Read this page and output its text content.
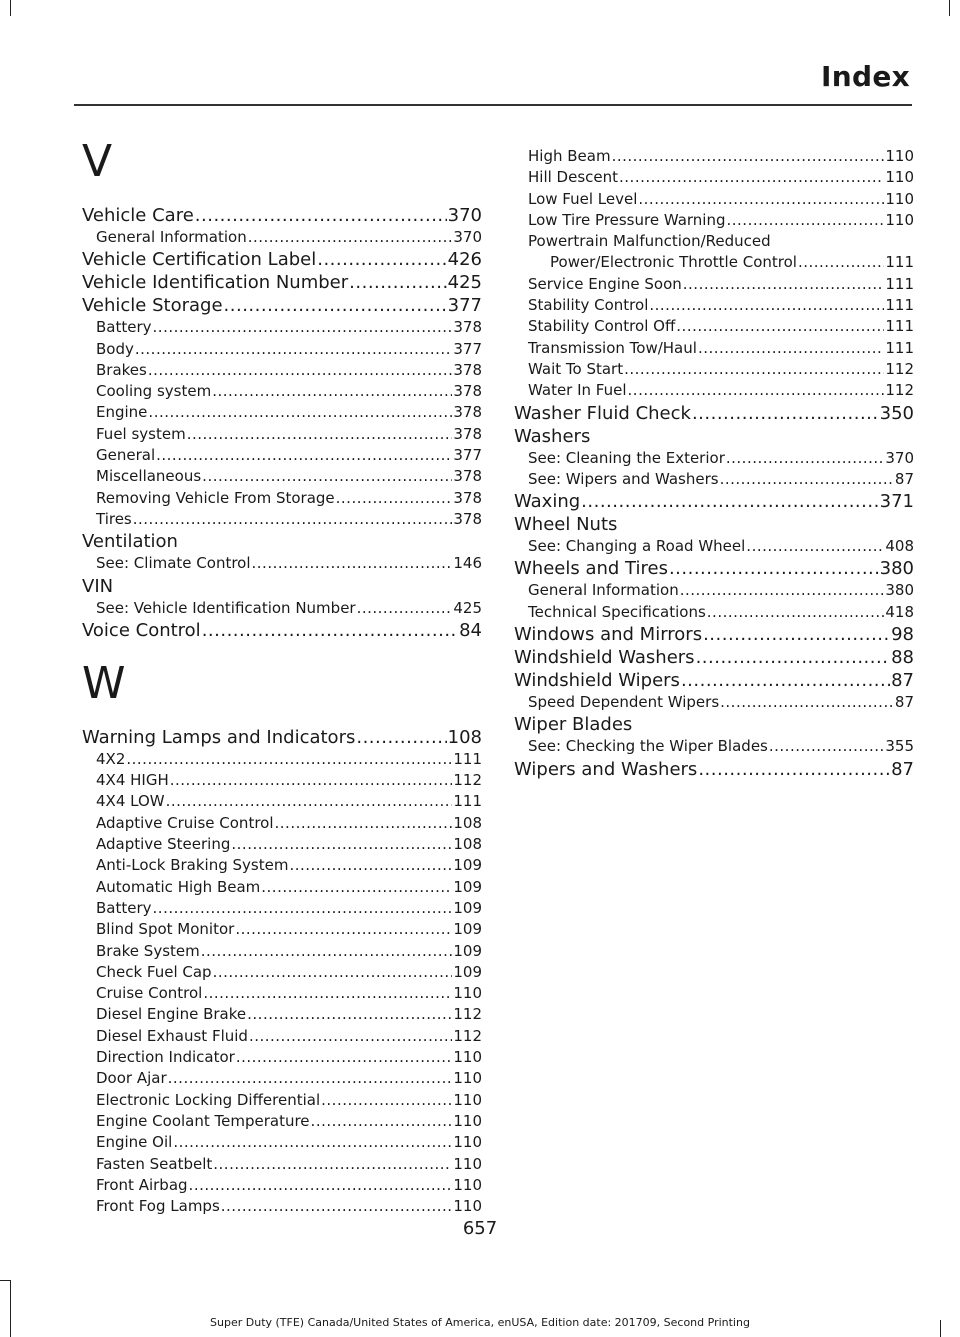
Index
V
Vehicle Care .....	370
General Information .....	370
Vehicle Certification Label .....	426
Vehicle Identification Number .....	425
Vehicle Storage .....	377
Battery .....	378
Body .....	377
Brakes .....	378
Cooling system .....	378
Engine .....	378
Fuel system .....	378
General .....	377
Miscellaneous .....	378
Removing Vehicle From Storage .....	378
Tires .....	378
Ventilation
See: Climate Control .....	146
VIN
See: Vehicle Identification Number .....	425
Voice Control .....	84
W
Warning Lamps and Indicators .....	108
4X2 .....	111
4X4 HIGH .....	112
4X4 LOW .....	111
Adaptive Cruise Control .....	108
Adaptive Steering .....	108
Anti-Lock Braking System .....	109
Automatic High Beam .....	109
Battery .....	109
Blind Spot Monitor .....	109
Brake System .....	109
Check Fuel Cap .....	109
Cruise Control .....	110
Diesel Engine Brake .....	112
Diesel Exhaust Fluid .....	112
Direction Indicator .....	110
Door Ajar .....	110
Electronic Locking Differential .....	110
Engine Coolant Temperature .....	110
Engine Oil .....	110
Fasten Seatbelt .....	110
Front Airbag .....	110
Front Fog Lamps .....	110
High Beam .....	110
Hill Descent .....	110
Low Fuel Level .....	110
Low Tire Pressure Warning .....	110
Powertrain Malfunction/Reduced
Power/Electronic Throttle Control .....	111
Service Engine Soon .....	111
Stability Control .....	111
Stability Control Off .....	111
Transmission Tow/Haul .....	111
Wait To Start .....	112
Water In Fuel .....	112
Washer Fluid Check .....	350
Washers
See: Cleaning the Exterior .....	370
See: Wipers and Washers .....	87
Waxing .....	371
Wheel Nuts
See: Changing a Road Wheel .....	408
Wheels and Tires .....	380
General Information .....	380
Technical Specifications .....	418
Windows and Mirrors .....	98
Windshield Washers .....	88
Windshield Wipers .....	87
Speed Dependent Wipers .....	87
Wiper Blades
See: Checking the Wiper Blades .....	355
Wipers and Washers .....	87
657
Super Duty (TFE) Canada/United States of America, enUSA, Edition date: 201709, Second Printing
